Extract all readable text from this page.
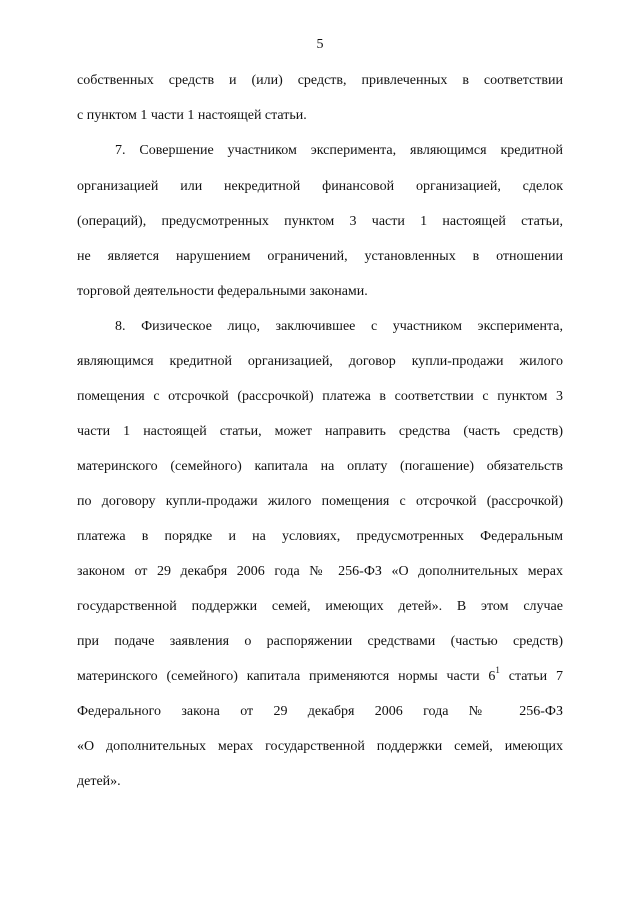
5
собственных средств и (или) средств, привлеченных в соответствии
с пунктом 1 части 1 настоящей статьи.
7. Совершение участником эксперимента, являющимся кредитной
организацией или некредитной финансовой организацией, сделок
(операций), предусмотренных пунктом 3 части 1 настоящей статьи,
не является нарушением ограничений, установленных в отношении
торговой деятельности федеральными законами.
8. Физическое лицо, заключившее с участником эксперимента,
являющимся кредитной организацией, договор купли-продажи жилого
помещения с отсрочкой (рассрочкой) платежа в соответствии с пунктом 3
части 1 настоящей статьи, может направить средства (часть средств)
материнского (семейного) капитала на оплату (погашение) обязательств
по договору купли-продажи жилого помещения с отсрочкой (рассрочкой)
платежа в порядке и на условиях, предусмотренных Федеральным
законом от 29 декабря 2006 года № 256-ФЗ «О дополнительных мерах
государственной поддержки семей, имеющих детей». В этом случае
при подаче заявления о распоряжении средствами (частью средств)
материнского (семейного) капитала применяются нормы части $6^1$ статьи 7
Федерального закона от 29 декабря 2006 года № 256-ФЗ
«О дополнительных мерах государственной поддержки семей, имеющих
детей».
